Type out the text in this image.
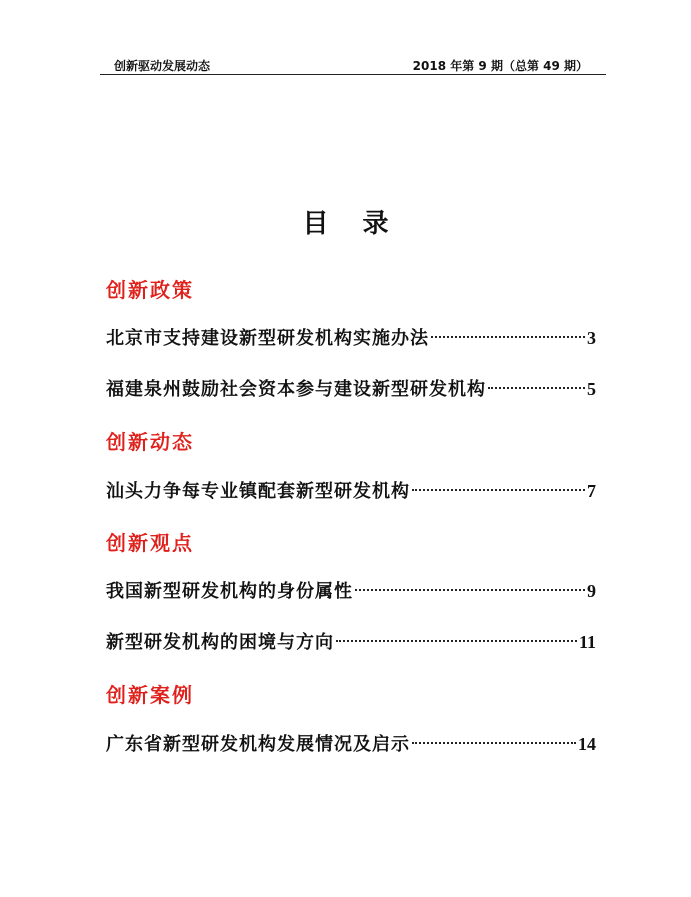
创新驱动发展动态	2018 年第 9 期（总第 49 期）
目录
创新政策
北京市支持建设新型研发机构实施办法	3
福建泉州鼓励社会资本参与建设新型研发机构	5
创新动态
汕头力争每专业镇配套新型研发机构	7
创新观点
我国新型研发机构的身份属性	9
新型研发机构的困境与方向	11
创新案例
广东省新型研发机构发展情况及启示	14
